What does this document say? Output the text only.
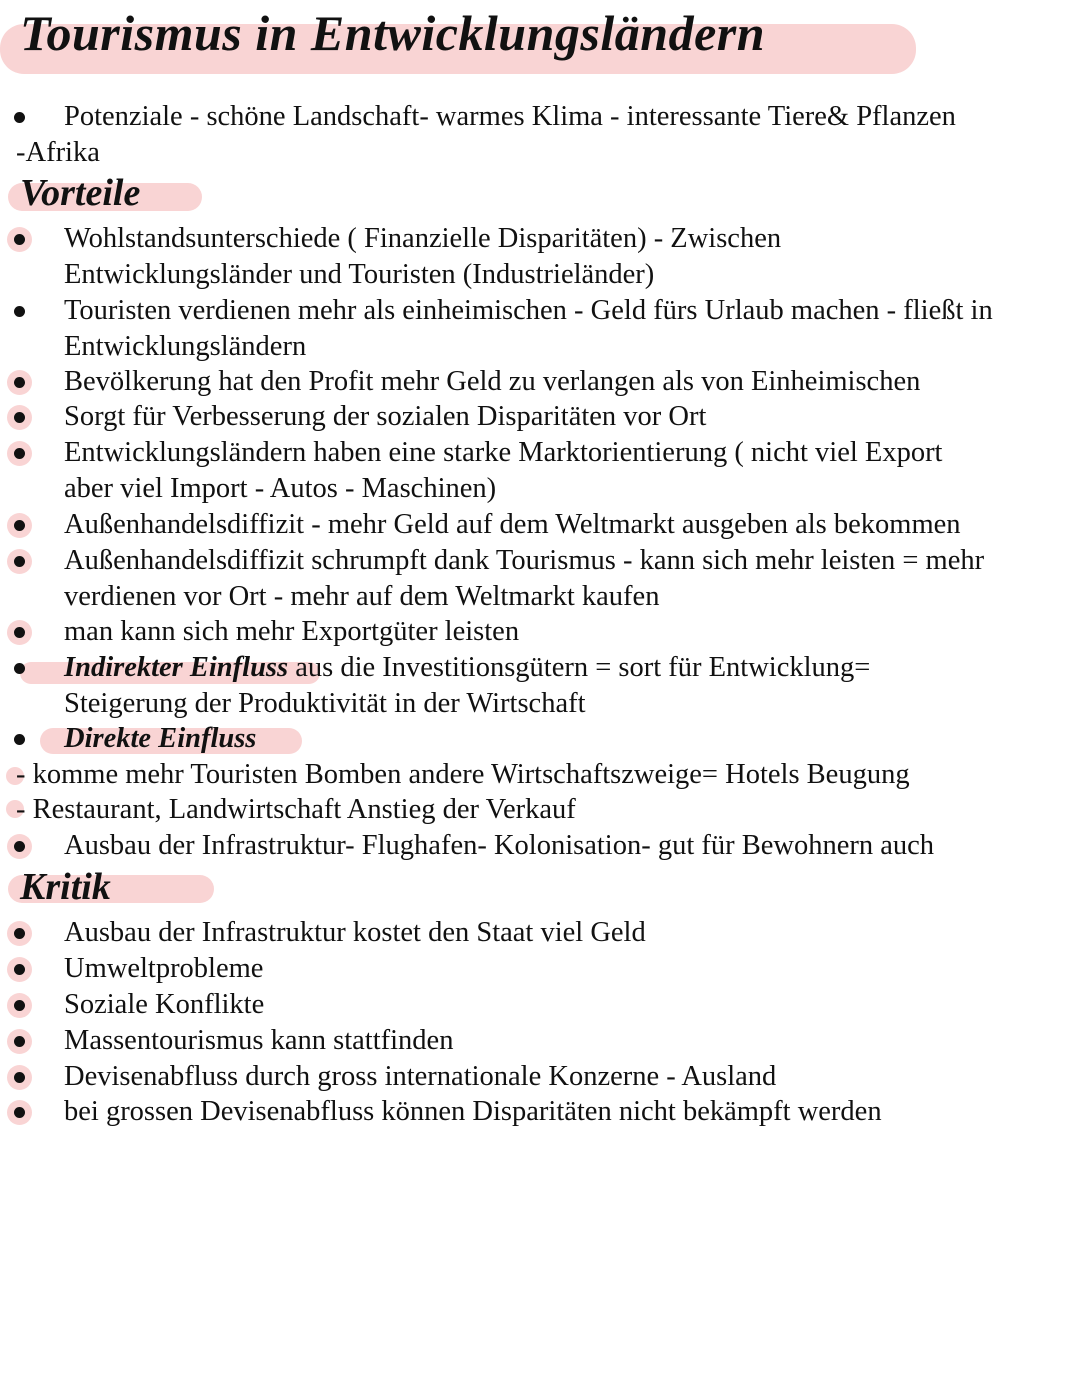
Tourismus in Entwicklungsländern
Potenziale - schöne Landschaft- warmes Klima - interessante Tiere& Pflanzen
-Afrika
Vorteile
Wohlstandsunterschiede ( Finanzielle Disparitäten) - Zwischen
Entwicklungsländer und Touristen (Industrieländer)
Touristen verdienen mehr als einheimischen - Geld fürs Urlaub machen - fließt in
Entwicklungsländern
Bevölkerung hat den Profit mehr Geld zu verlangen als von Einheimischen
Sorgt für Verbesserung der sozialen Disparitäten vor Ort
Entwicklungsländern haben eine starke Marktorientierung ( nicht viel Export
aber viel Import - Autos - Maschinen)
Außenhandelsdiffizit - mehr Geld auf dem Weltmarkt ausgeben als bekommen
Außenhandelsdiffizit schrumpft dank Tourismus - kann sich mehr leisten = mehr
verdienen vor Ort - mehr auf dem Weltmarkt kaufen
man kann sich mehr Exportgüter leisten
Indirekter Einfluss aus die Investitionsgütern = sort für Entwicklung=
Steigerung der Produktivität in der Wirtschaft
Direkte Einfluss
- komme mehr Touristen Bomben andere Wirtschaftszweige= Hotels Beugung
- Restaurant, Landwirtschaft Anstieg der Verkauf
Ausbau der Infrastruktur- Flughafen- Kolonisation- gut für Bewohnern auch
Kritik
Ausbau der Infrastruktur kostet den Staat viel Geld
Umweltprobleme
Soziale Konflikte
Massentourismus kann stattfinden
Devisenabfluss durch gross internationale Konzerne - Ausland
bei grossen Devisenabfluss können Disparitäten nicht bekämpft werden
